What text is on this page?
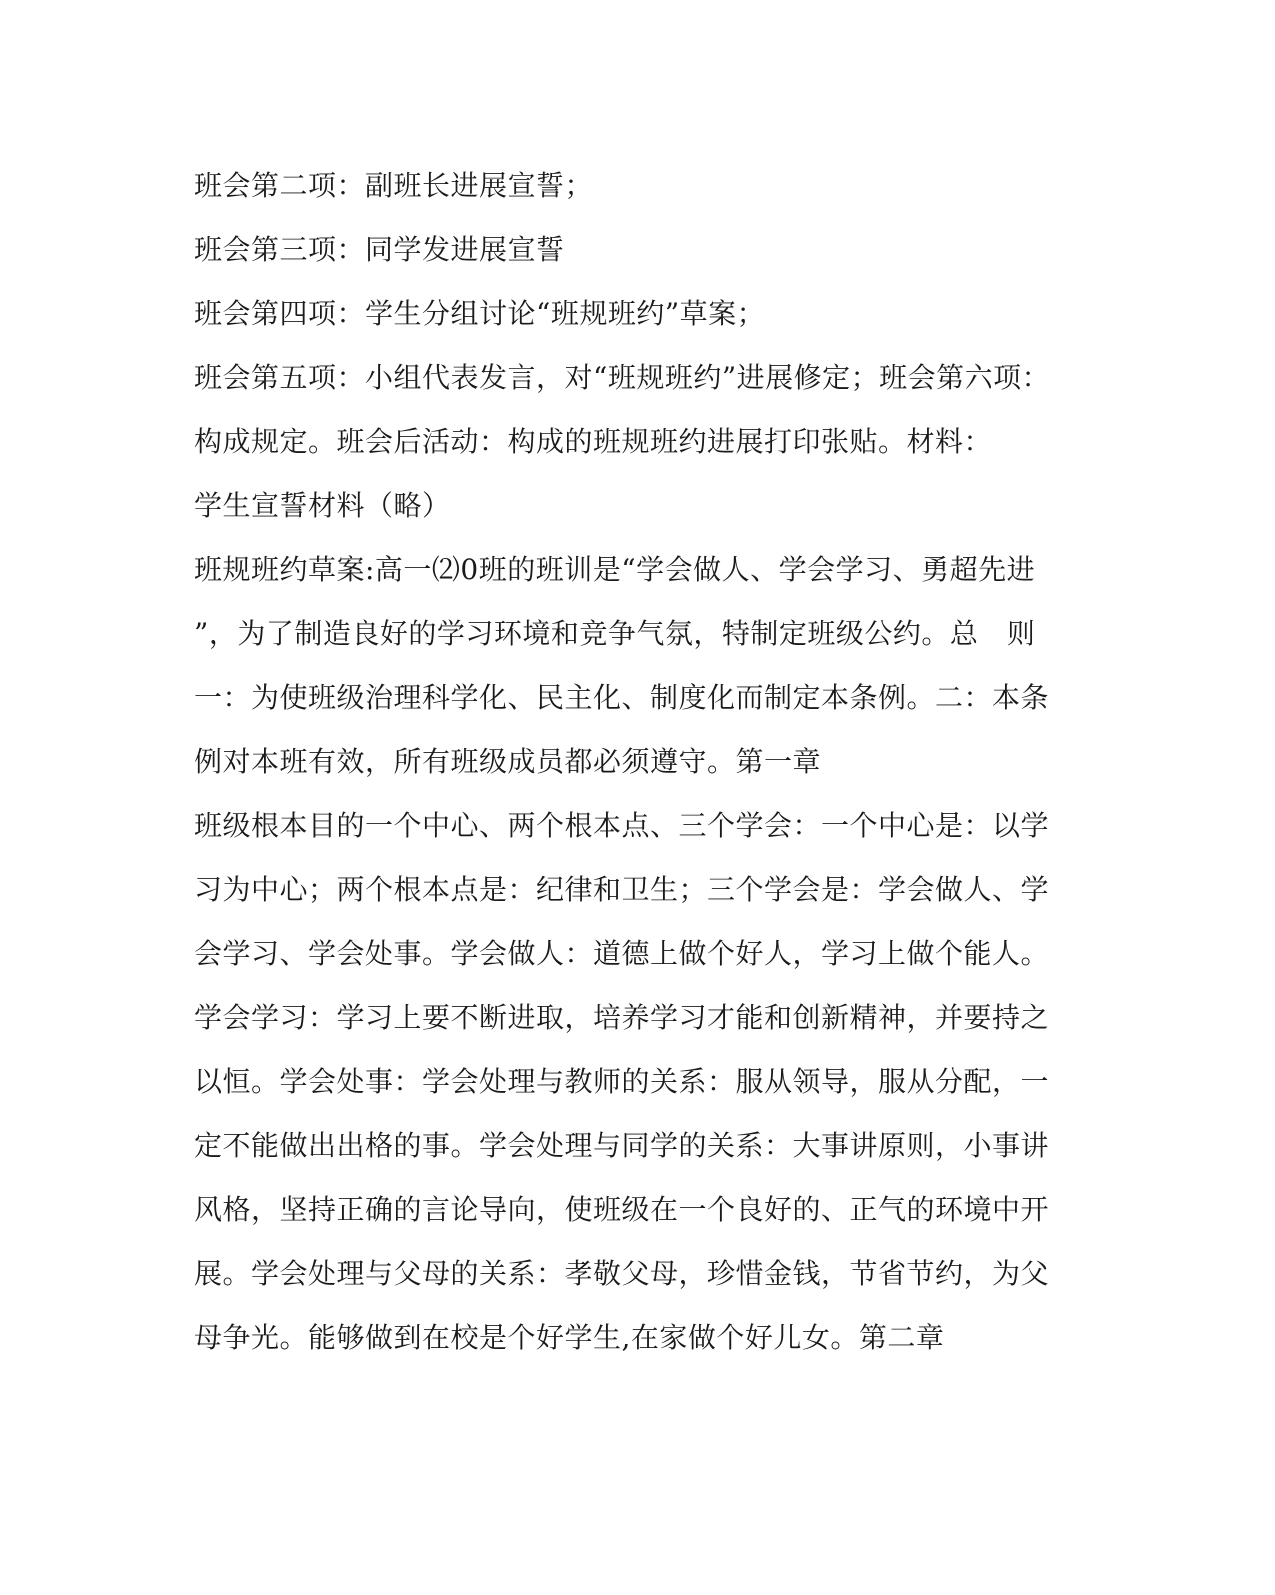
班会第二项：副班长进展宣誓；
班会第三项：同学发进展宣誓
班会第四项：学生分组讨论“班规班约”草案；
班会第五项：小组代表发言，对“班规班约”进展修定；班会第六项：
构成规定。班会后活动：构成的班规班约进展打印张贴。材料：
学生宣誓材料（略）
班规班约草案:高一⑵0班的班训是“学会做人、学会学习、勇超先进
”，为了制造良好的学习环境和竞争气氛，特制定班级公约。总　则
一：为使班级治理科学化、民主化、制度化而制定本条例。二：本条
例对本班有效，所有班级成员都必须遵守。第一章
班级根本目的一个中心、两个根本点、三个学会：一个中心是：以学
习为中心；两个根本点是：纪律和卫生；三个学会是：学会做人、学
会学习、学会处事。学会做人：道德上做个好人，学习上做个能人。
学会学习：学习上要不断进取，培养学习才能和创新精神，并要持之
以恒。学会处事：学会处理与教师的关系：服从领导，服从分配，一
定不能做出出格的事。学会处理与同学的关系：大事讲原则，小事讲
风格，坚持正确的言论导向，使班级在一个良好的、正气的环境中开
展。学会处理与父母的关系：孝敬父母，珍惜金钱，节省节约，为父
母争光。能够做到在校是个好学生,在家做个好儿女。第二章
